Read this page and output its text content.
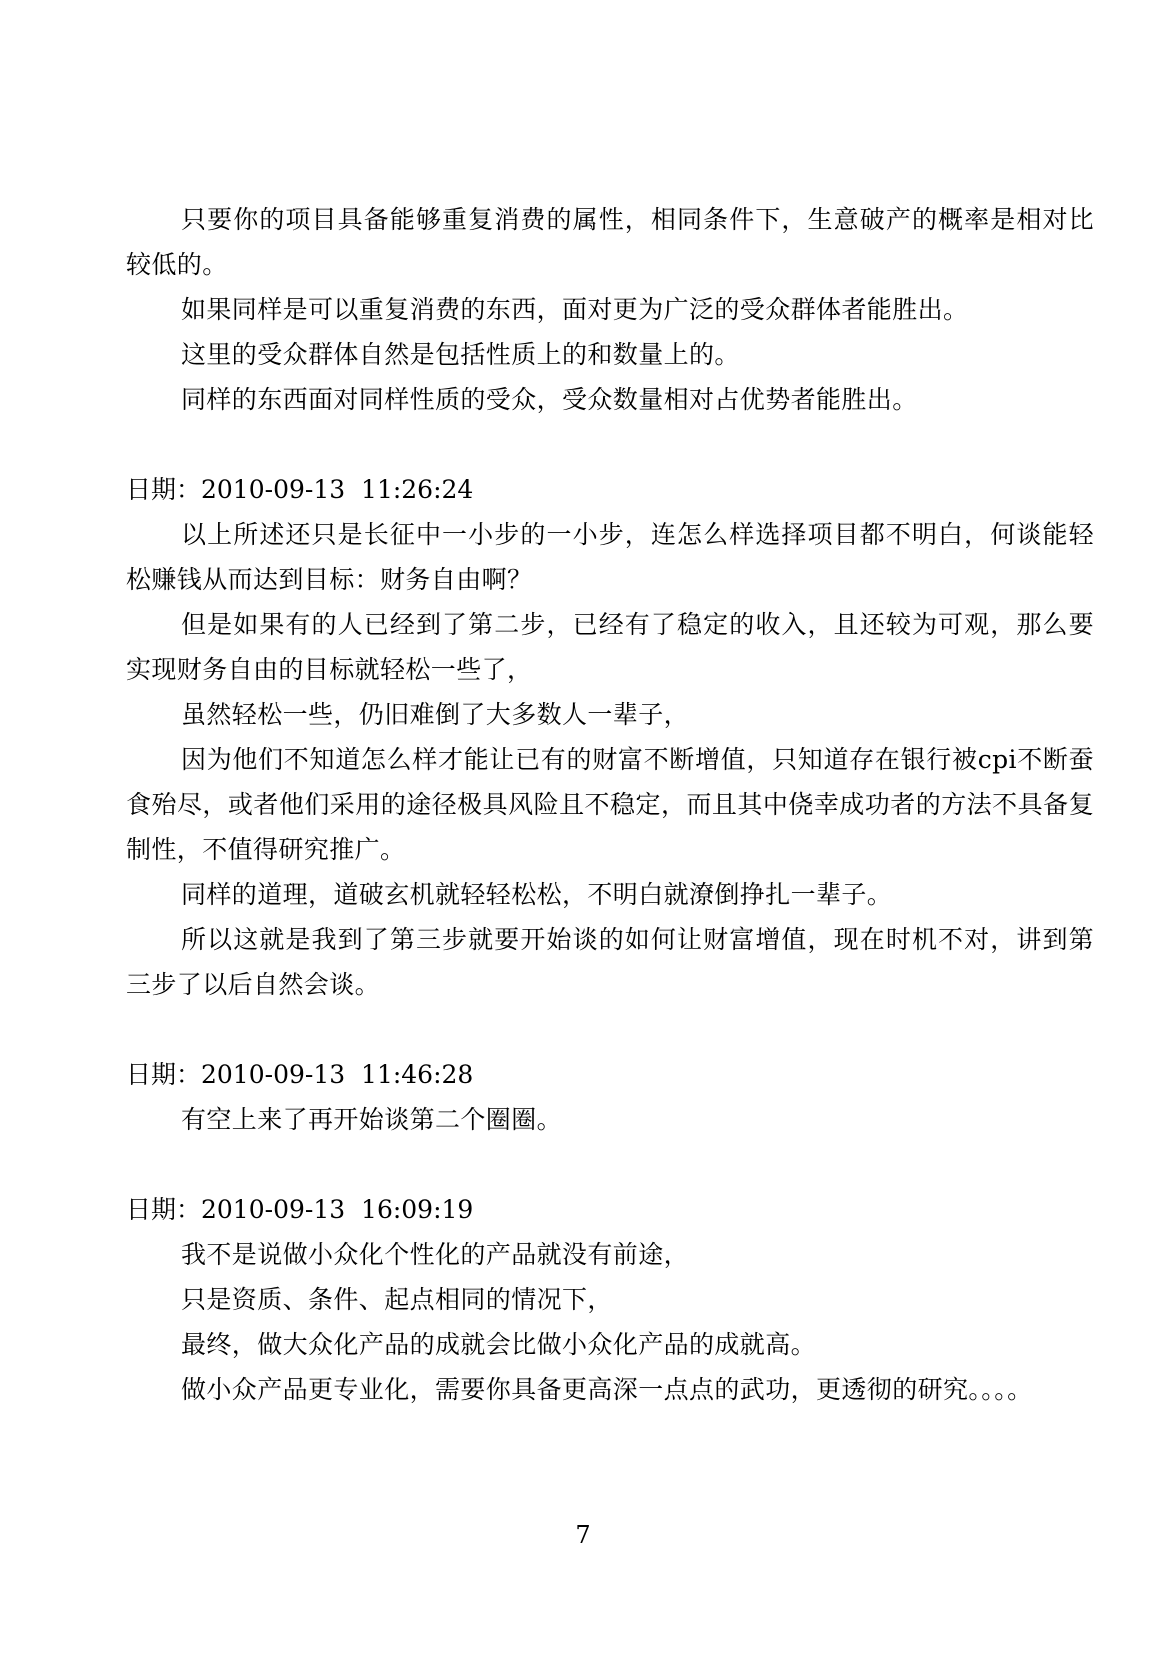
只要你的项目具备能够重复消费的属性，相同条件下，生意破产的概率是相对比较低的。

如果同样是可以重复消费的东西，面对更为广泛的受众群体者能胜出。

这里的受众群体自然是包括性质上的和数量上的。

同样的东西面对同样性质的受众，受众数量相对占优势者能胜出。

日期：2010-09-13  11:26:24

以上所述还只是长征中一小步的一小步，连怎么样选择项目都不明白，何谈能轻松赚钱从而达到目标：财务自由啊？

但是如果有的人已经到了第二步，已经有了稳定的收入，且还较为可观，那么要实现财务自由的目标就轻松一些了，

虽然轻松一些，仍旧难倒了大多数人一辈子，

因为他们不知道怎么样才能让已有的财富不断增值，只知道存在银行被cpi不断蚕食殆尽，或者他们采用的途径极具风险且不稳定，而且其中侥幸成功者的方法不具备复制性，不值得研究推广。

同样的道理，道破玄机就轻轻松松，不明白就潦倒挣扎一辈子。

所以这就是我到了第三步就要开始谈的如何让财富增值，现在时机不对，讲到第三步了以后自然会谈。

日期：2010-09-13  11:46:28

有空上来了再开始谈第二个圈圈。

日期：2010-09-13  16:09:19

我不是说做小众化个性化的产品就没有前途，

只是资质、条件、起点相同的情况下，

最终，做大众化产品的成就会比做小众化产品的成就高。

做小众产品更专业化，需要你具备更高深一点点的武功，更透彻的研究。。。。

7
